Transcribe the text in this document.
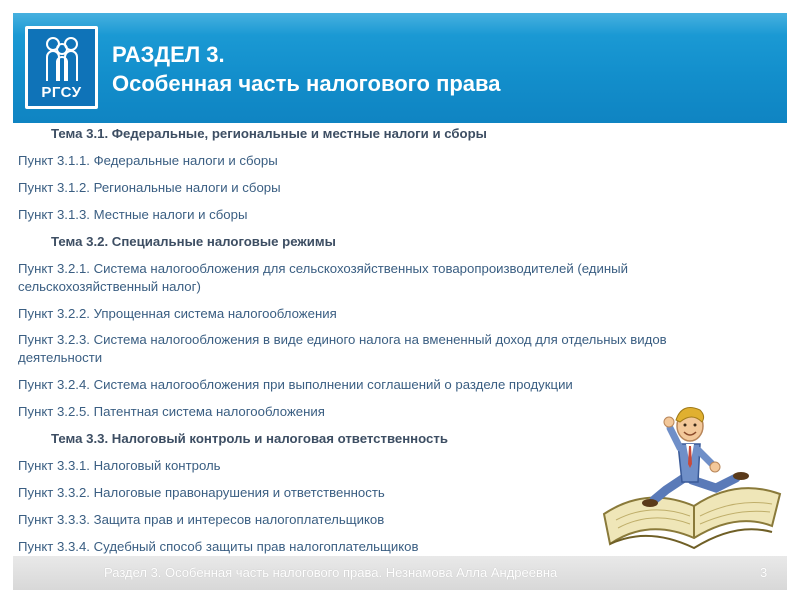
РГСУ
РАЗДЕЛ 3.
Особенная часть налогового права
Тема 3.1. Федеральные, региональные и местные налоги и сборы
Пункт 3.1.1. Федеральные налоги и сборы
Пункт 3.1.2. Региональные налоги и сборы
Пункт 3.1.3. Местные налоги и сборы
Тема 3.2. Специальные налоговые режимы
Пункт 3.2.1. Система налогообложения для сельскохозяйственных товаропроизводителей (единый сельскохозяйственный налог)
Пункт 3.2.2. Упрощенная система налогообложения
Пункт 3.2.3. Система налогообложения в виде единого налога на вмененный доход для отдельных видов деятельности
Пункт 3.2.4. Система налогообложения при выполнении соглашений о разделе продукции
Пункт 3.2.5. Патентная система налогообложения
Тема 3.3. Налоговый контроль и налоговая ответственность
Пункт 3.3.1. Налоговый контроль
Пункт 3.3.2. Налоговые правонарушения и ответственность
Пункт 3.3.3. Защита прав и интересов налогоплательщиков
Пункт 3.3.4. Судебный способ защиты прав налогоплательщиков
Раздел 3. Особенная часть налогового права. Незнамова Алла Андреевна	3
